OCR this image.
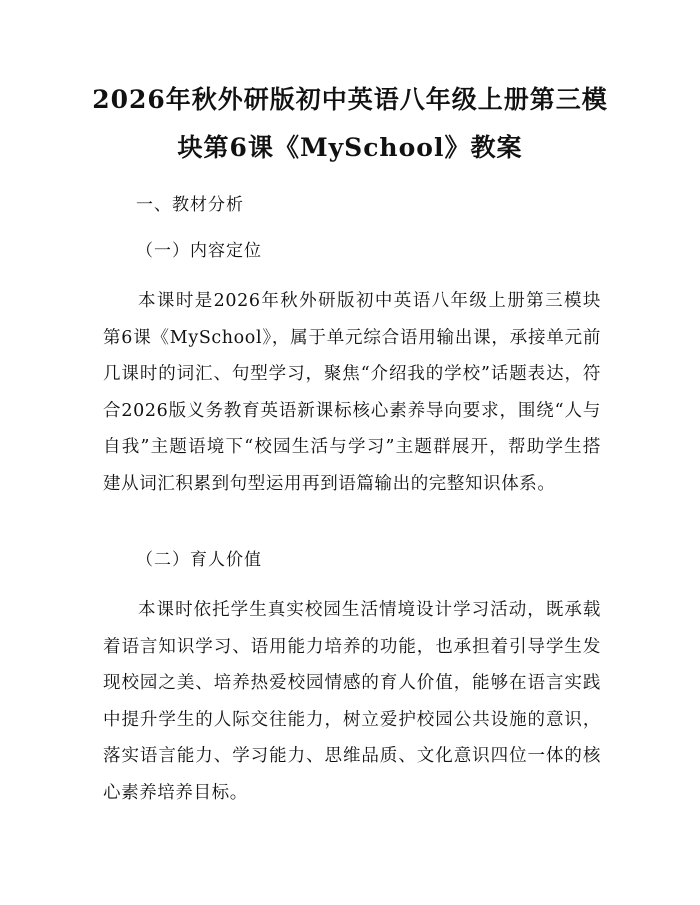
2026年秋外研版初中英语八年级上册第三模
块第6课《MySchool》教案
一、教材分析
（一）内容定位

本课时是2026年秋外研版初中英语八年级上册第三模块第6课《MySchool》，属于单元综合语用输出课，承接单元前几课时的词汇、句型学习，聚焦“介绍我的学校”话题表达，符合2026版义务教育英语新课标核心素养导向要求，围绕“人与自我”主题语境下“校园生活与学习”主题群展开，帮助学生搭建从词汇积累到句型运用再到语篇输出的完整知识体系。

（二）育人价值

本课时依托学生真实校园生活情境设计学习活动，既承载着语言知识学习、语用能力培养的功能，也承担着引导学生发现校园之美、培养热爱校园情感的育人价值，能够在语言实践中提升学生的人际交往能力，树立爱护校园公共设施的意识，落实语言能力、学习能力、思维品质、文化意识四位一体的核心素养培养目标。
